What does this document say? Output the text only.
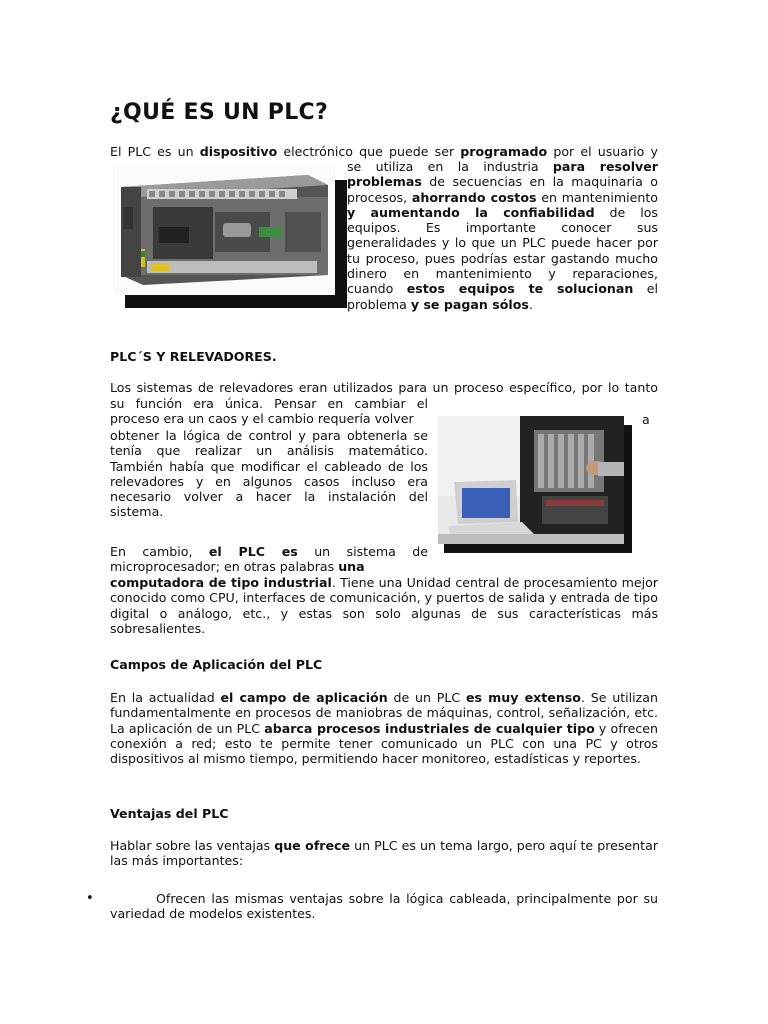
¿QUÉ ES UN PLC?

El PLC es un dispositivo electrónico que puede ser programado por el usuario y

se utiliza en la industria para resolver problemas de secuencias en la maquinaria o procesos, ahorrando costos en mantenimiento y aumentando la confiabilidad de los equipos. Es importante conocer sus generalidades y lo que un PLC puede hacer por tu proceso, pues podrías estar gastando mucho dinero en mantenimiento y reparaciones, cuando estos equipos te solucionan el problema y se pagan sólos.

PLC´S Y RELEVADORES.

Los sistemas de relevadores eran utilizados para un proceso específico, por lo tanto

su función era única. Pensar en cambiar el proceso era un caos y el cambio requería volver	a

obtener la lógica de control y para obtenerla se tenía que realizar un análisis matemático. También había que modificar el cableado de los relevadores y en algunos casos incluso era necesario volver a hacer la instalación del sistema.

En cambio, el PLC es un sistema de microprocesador; en otras palabras una

computadora de tipo industrial. Tiene una Unidad central de procesamiento mejor conocido como CPU, interfaces de comunicación, y puertos de salida y entrada de tipo digital o análogo, etc., y estas son solo algunas de sus características más sobresalientes.

Campos de Aplicación del PLC

En la actualidad el campo de aplicación de un PLC es muy extenso. Se utilizan fundamentalmente en procesos de maniobras de máquinas, control, señalización, etc. La aplicación de un PLC abarca procesos industriales de cualquier tipo y ofrecen conexión a red; esto te permite tener comunicado un PLC con una PC y otros dispositivos al mismo tiempo, permitiendo hacer monitoreo, estadísticas y reportes.

Ventajas del PLC

Hablar sobre las ventajas que ofrece un PLC es un tema largo, pero aquí te presentar las más importantes:

•	Ofrecen las mismas ventajas sobre la lógica cableada, principalmente por su variedad de modelos existentes.
